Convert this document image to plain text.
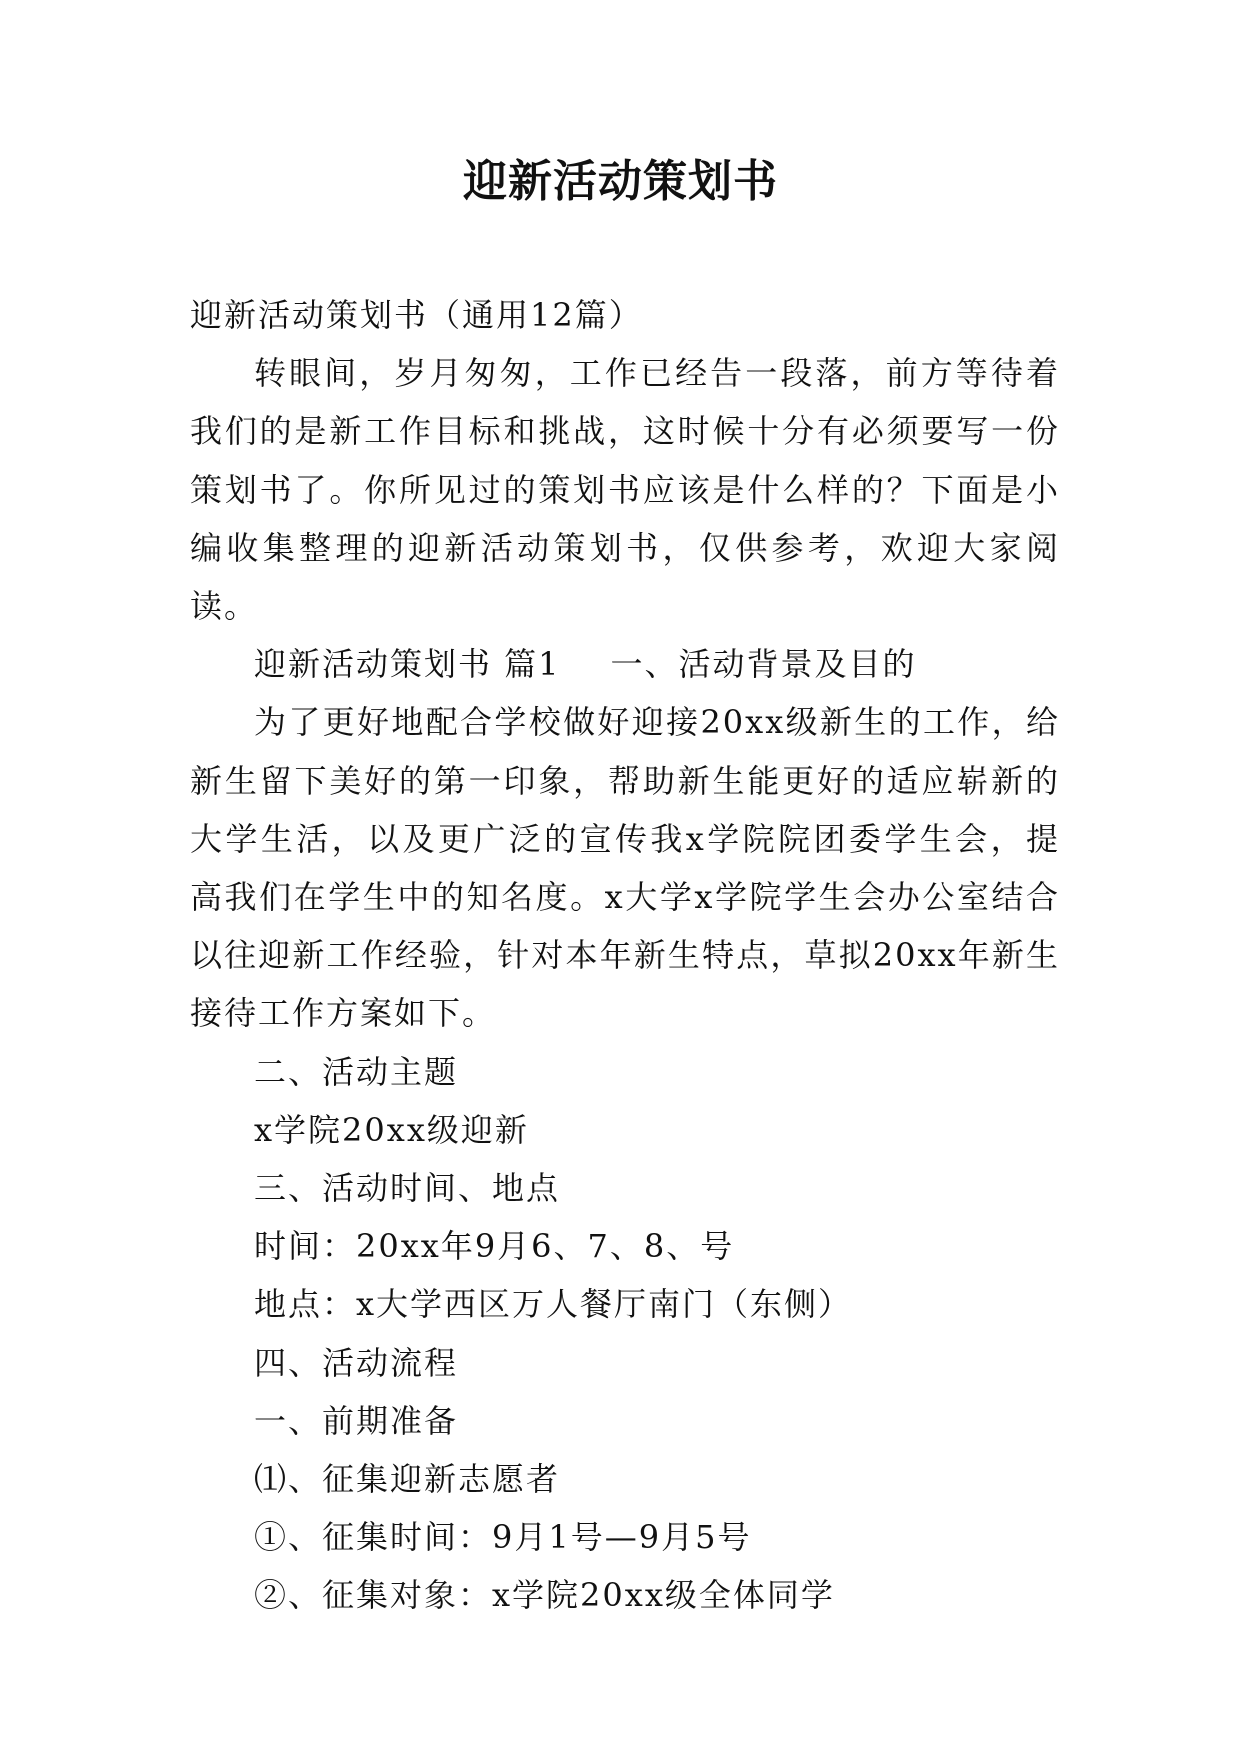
迎新活动策划书

迎新活动策划书（通用12篇）

转眼间，岁月匆匆，工作已经告一段落，前方等待着我们的是新工作目标和挑战，这时候十分有必须要写一份策划书了。你所见过的策划书应该是什么样的？下面是小编收集整理的迎新活动策划书，仅供参考，欢迎大家阅读。

迎新活动策划书 篇1 一、活动背景及目的

为了更好地配合学校做好迎接20xx级新生的工作，给新生留下美好的第一印象，帮助新生能更好的适应崭新的大学生活，以及更广泛的宣传我x学院院团委学生会，提高我们在学生中的知名度。x大学x学院学生会办公室结合以往迎新工作经验，针对本年新生特点，草拟20xx年新生接待工作方案如下。

二、活动主题

x学院20xx级迎新

三、活动时间、地点

时间：20xx年9月6、7、8、号

地点：x大学西区万人餐厅南门（东侧）

四、活动流程

一、前期准备

⑴、征集迎新志愿者

①、征集时间：9月1号—9月5号

②、征集对象：x学院20xx级全体同学
